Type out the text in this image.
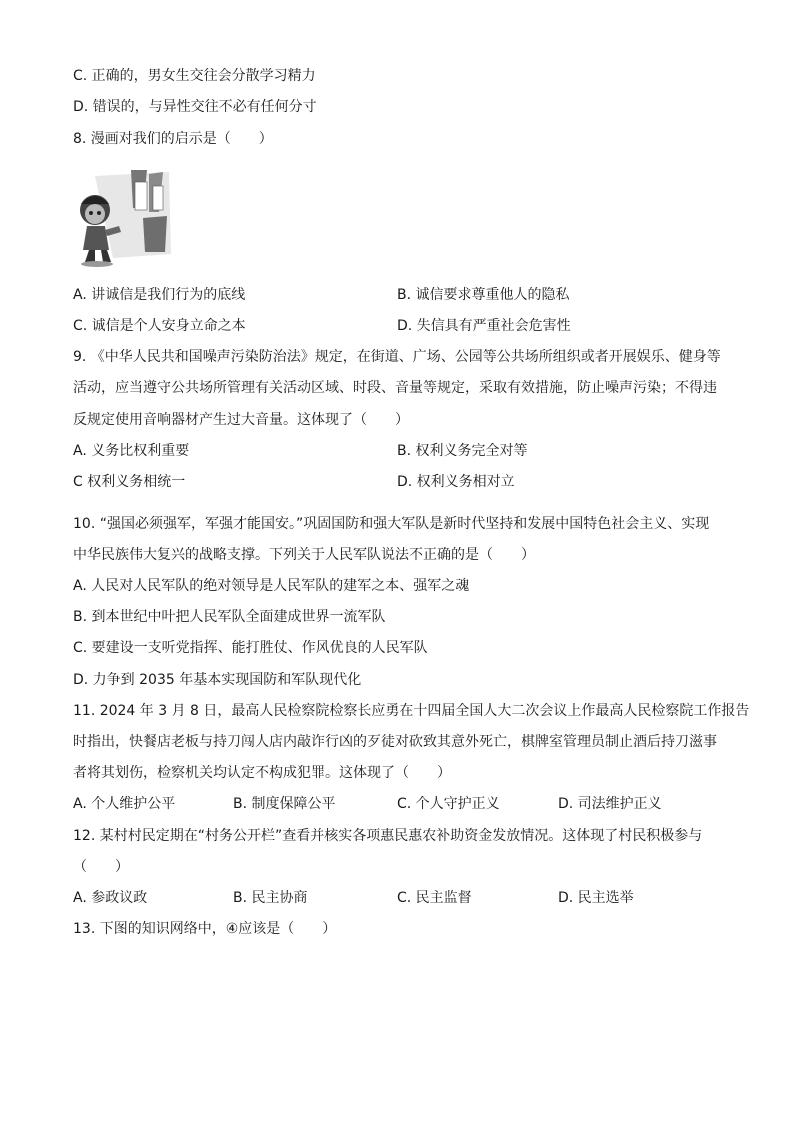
C. 正确的，男女生交往会分散学习精力
D. 错误的，与异性交往不必有任何分寸
8. 漫画对我们的启示是（　　）
A. 讲诚信是我们行为的底线	B. 诚信要求尊重他人的隐私
C. 诚信是个人安身立命之本	D. 失信具有严重社会危害性
9. 《中华人民共和国噪声污染防治法》规定，在街道、广场、公园等公共场所组织或者开展娱乐、健身等
活动，应当遵守公共场所管理有关活动区域、时段、音量等规定，采取有效措施，防止噪声污染；不得违
反规定使用音响器材产生过大音量。这体现了（　　）
A. 义务比权利重要	B. 权利义务完全对等
C 权利义务相统一	D. 权利义务相对立
10. “强国必须强军，军强才能国安。”巩固国防和强大军队是新时代坚持和发展中国特色社会主义、实现
中华民族伟大复兴的战略支撑。下列关于人民军队说法不正确的是（　　）
A. 人民对人民军队的绝对领导是人民军队的建军之本、强军之魂
B. 到本世纪中叶把人民军队全面建成世界一流军队
C. 要建设一支听党指挥、能打胜仗、作风优良的人民军队
D. 力争到 2035 年基本实现国防和军队现代化
11. 2024 年 3 月 8 日，最高人民检察院检察长应勇在十四届全国人大二次会议上作最高人民检察院工作报告
时指出，快餐店老板与持刀闯人店内敲诈行凶的歹徒对砍致其意外死亡，棋牌室管理员制止酒后持刀滋事
者将其划伤，检察机关均认定不构成犯罪。这体现了（　　）
A. 个人维护公平	B. 制度保障公平	C. 个人守护正义	D. 司法维护正义
12. 某村村民定期在“村务公开栏”查看并核实各项惠民惠农补助资金发放情况。这体现了村民积极参与
（　　）
A. 参政议政	B. 民主协商	C. 民主监督	D. 民主选举
13. 下图的知识网络中，④应该是（　　）
